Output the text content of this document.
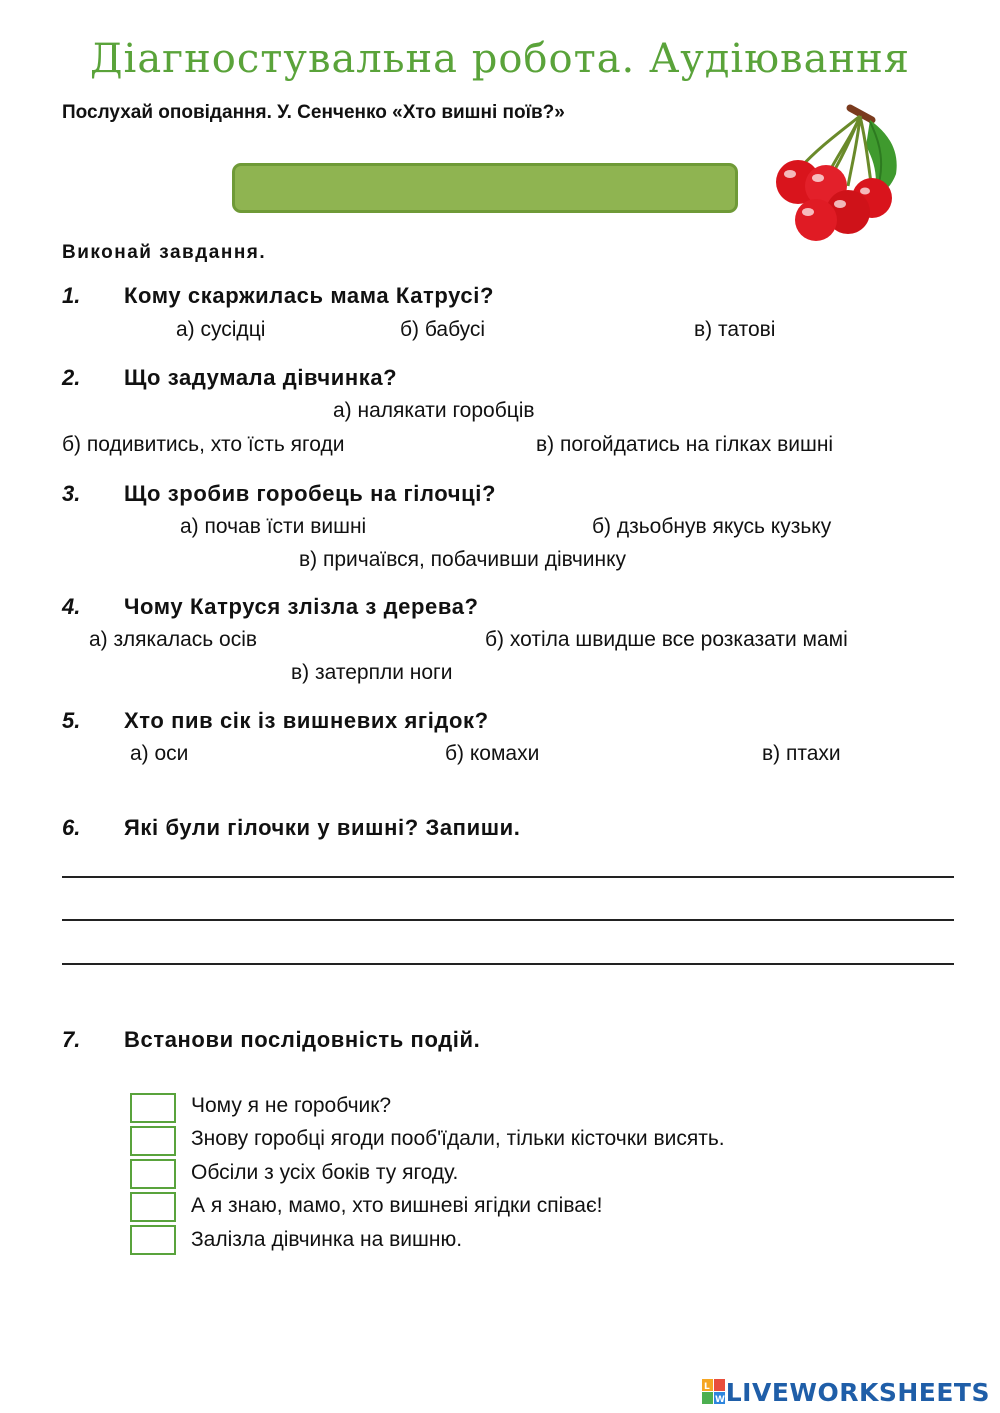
Діагностувальна робота. Аудіювання
Послухай оповідання. У. Сенченко «Хто вишні поїв?»
Виконай завдання.
1. Кому скаржилась мама Катрусі?
а) сусідці	б) бабусі	в) татові
2. Що задумала дівчинка?
а) налякати горобців
б) подивитись, хто їсть ягоди	в) погойдатись на гілках вишні
3. Що зробив горобець на гілочці?
а) почав їсти вишні	б) дзьобнув якусь кузьку
в) причаївся, побачивши дівчинку
4. Чому Катруся злізла з дерева?
а) злякалась осів	б) хотіла швидше все розказати мамі
в) затерпли ноги
5. Хто пив сік із вишневих ягідок?
а) оси	б) комахи	в) птахи
6. Які були гілочки у вишні? Запиши.
7. Встанови послідовність подій.
Чому я не горобчик?
Знову горобці ягоди пооб'їдали, тільки кісточки висять.
Обсіли з усіх боків ту ягоду.
А я знаю, мамо, хто вишневі ягідки співає!
Залізла дівчинка на вишню.
L
W LIVEWORKSHEETS
